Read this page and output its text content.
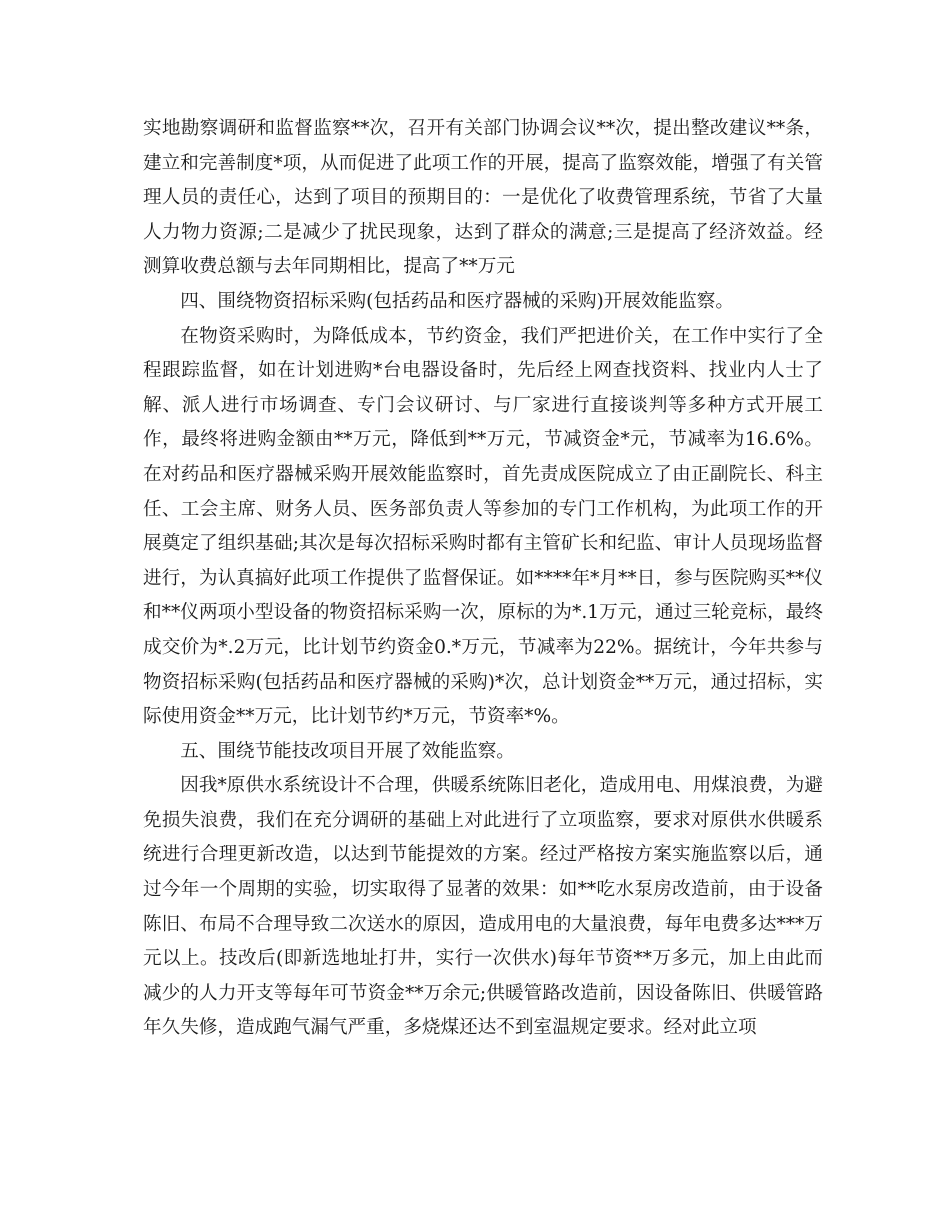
实地勘察调研和监督监察**次，召开有关部门协调会议**次，提出整改建议**条，建立和完善制度*项，从而促进了此项工作的开展，提高了监察效能，增强了有关管理人员的责任心，达到了项目的预期目的：一是优化了收费管理系统，节省了大量人力物力资源;二是减少了扰民现象，达到了群众的满意;三是提高了经济效益。经测算收费总额与去年同期相比，提高了**万元

四、围绕物资招标采购(包括药品和医疗器械的采购)开展效能监察。

在物资采购时，为降低成本，节约资金，我们严把进价关，在工作中实行了全程跟踪监督，如在计划进购*台电器设备时，先后经上网查找资料、找业内人士了解、派人进行市场调查、专门会议研讨、与厂家进行直接谈判等多种方式开展工作，最终将进购金额由**万元，降低到**万元，节减资金*元，节减率为16.6%。在对药品和医疗器械采购开展效能监察时，首先责成医院成立了由正副院长、科主任、工会主席、财务人员、医务部负责人等参加的专门工作机构，为此项工作的开展奠定了组织基础;其次是每次招标采购时都有主管矿长和纪监、审计人员现场监督进行，为认真搞好此项工作提供了监督保证。如****年*月**日，参与医院购买**仪和**仪两项小型设备的物资招标采购一次，原标的为*.1万元，通过三轮竞标，最终成交价为*.2万元，比计划节约资金0.*万元，节减率为22%。据统计，今年共参与物资招标采购(包括药品和医疗器械的采购)*次，总计划资金**万元，通过招标，实际使用资金**万元，比计划节约*万元，节资率*%。

五、围绕节能技改项目开展了效能监察。

因我*原供水系统设计不合理，供暖系统陈旧老化，造成用电、用煤浪费，为避免损失浪费，我们在充分调研的基础上对此进行了立项监察，要求对原供水供暖系统进行合理更新改造，以达到节能提效的方案。经过严格按方案实施监察以后，通过今年一个周期的实验，切实取得了显著的效果：如**吃水泵房改造前，由于设备陈旧、布局不合理导致二次送水的原因，造成用电的大量浪费，每年电费多达***万元以上。技改后(即新选地址打井，实行一次供水)每年节资**万多元，加上由此而减少的人力开支等每年可节资金**万余元;供暖管路改造前，因设备陈旧、供暖管路年久失修，造成跑气漏气严重，多烧煤还达不到室温规定要求。经对此立项
